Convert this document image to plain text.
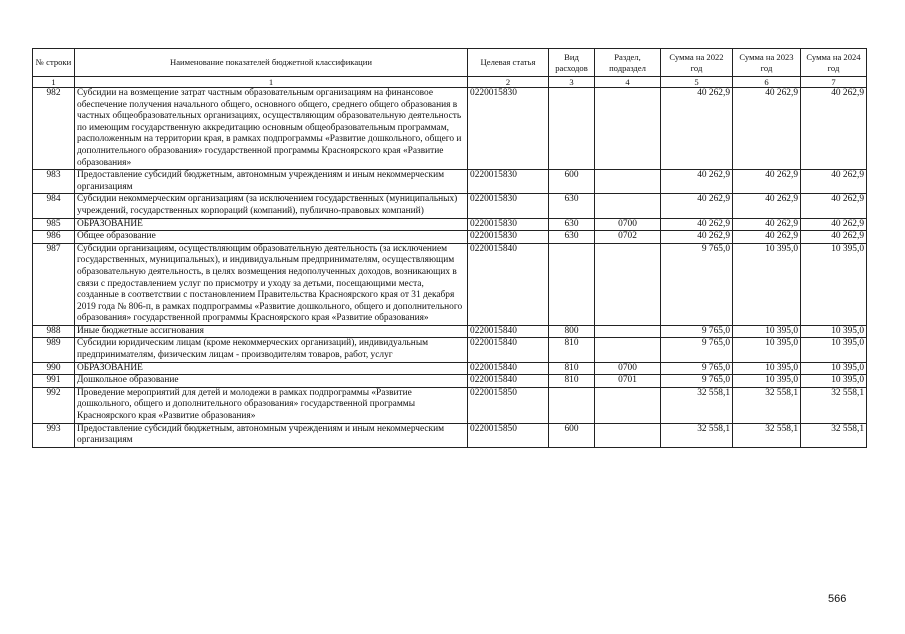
№ строки	Наименование показателей бюджетной классификации	Целевая статья	Вид расходов	Раздел, подраздел	Сумма на 2022 год	Сумма на 2023 год	Сумма на 2024 год
1	1	2	3	4	5	6	7
982	Субсидии на возмещение затрат частным образовательным организациям на финансовое обеспечение получения начального общего, основного общего, среднего общего образования в частных общеобразовательных организациях, осуществляющим образовательную деятельность по имеющим государственную аккредитацию основным общеобразовательным программам, расположенным на территории края, в рамках подпрограммы «Развитие дошкольного, общего и дополнительного образования» государственной программы Красноярского края «Развитие образования»	0220015830			40 262,9	40 262,9	40 262,9
983	Предоставление субсидий бюджетным, автономным учреждениям и иным некоммерческим организациям	0220015830	600		40 262,9	40 262,9	40 262,9
984	Субсидии некоммерческим организациям (за исключением государственных (муниципальных) учреждений, государственных корпораций (компаний), публично-правовых компаний)	0220015830	630		40 262,9	40 262,9	40 262,9
985	ОБРАЗОВАНИЕ	0220015830	630	0700	40 262,9	40 262,9	40 262,9
986	Общее образование	0220015830	630	0702	40 262,9	40 262,9	40 262,9
987	Субсидии организациям, осуществляющим образовательную деятельность (за исключением государственных, муниципальных), и индивидуальным предпринимателям, осуществляющим образовательную деятельность, в целях возмещения недополученных доходов, возникающих в связи с предоставлением услуг по присмотру и уходу за детьми, посещающими места, созданные в соответствии с постановлением Правительства Красноярского края от 31 декабря 2019 года № 806-п, в рамках подпрограммы «Развитие дошкольного, общего и дополнительного образования» государственной программы Красноярского края «Развитие образования»	0220015840			9 765,0	10 395,0	10 395,0
988	Иные бюджетные ассигнования	0220015840	800		9 765,0	10 395,0	10 395,0
989	Субсидии юридическим лицам (кроме некоммерческих организаций), индивидуальным предпринимателям, физическим лицам - производителям товаров, работ, услуг	0220015840	810		9 765,0	10 395,0	10 395,0
990	ОБРАЗОВАНИЕ	0220015840	810	0700	9 765,0	10 395,0	10 395,0
991	Дошкольное образование	0220015840	810	0701	9 765,0	10 395,0	10 395,0
992	Проведение мероприятий для детей и молодежи в рамках подпрограммы «Развитие дошкольного, общего и дополнительного образования» государственной программы Красноярского края «Развитие образования»	0220015850			32 558,1	32 558,1	32 558,1
993	Предоставление субсидий бюджетным, автономным учреждениям и иным некоммерческим организациям	0220015850	600		32 558,1	32 558,1	32 558,1
566
